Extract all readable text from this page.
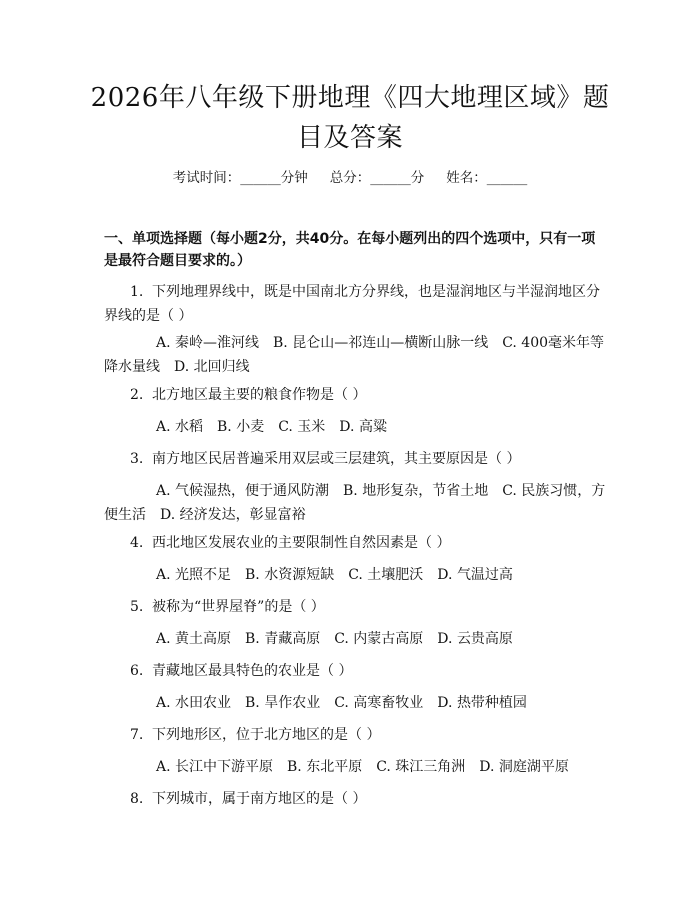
2026年八年级下册地理《四大地理区域》题目及答案
考试时间：______分钟 总分：______分 姓名：______
一、单项选择题（每小题2分，共40分。在每小题列出的四个选项中，只有一项是最符合题目要求的。）
1. 下列地理界线中，既是中国南北方分界线，也是湿润地区与半湿润地区分界线的是（ ）
A. 秦岭—淮河线　B. 昆仑山—祁连山—横断山脉一线　C. 400毫米年等降水量线　D. 北回归线
2. 北方地区最主要的粮食作物是（ ）
A. 水稻　B. 小麦　C. 玉米　D. 高粱
3. 南方地区民居普遍采用双层或三层建筑，其主要原因是（ ）
A. 气候湿热，便于通风防潮　B. 地形复杂，节省土地　C. 民族习惯，方便生活　D. 经济发达，彰显富裕
4. 西北地区发展农业的主要限制性自然因素是（ ）
A. 光照不足　B. 水资源短缺　C. 土壤肥沃　D. 气温过高
5. 被称为“世界屋脊”的是（ ）
A. 黄土高原　B. 青藏高原　C. 内蒙古高原　D. 云贵高原
6. 青藏地区最具特色的农业是（ ）
A. 水田农业　B. 旱作农业　C. 高寒畜牧业　D. 热带种植园
7. 下列地形区，位于北方地区的是（ ）
A. 长江中下游平原　B. 东北平原　C. 珠江三角洲　D. 洞庭湖平原
8. 下列城市，属于南方地区的是（ ）
